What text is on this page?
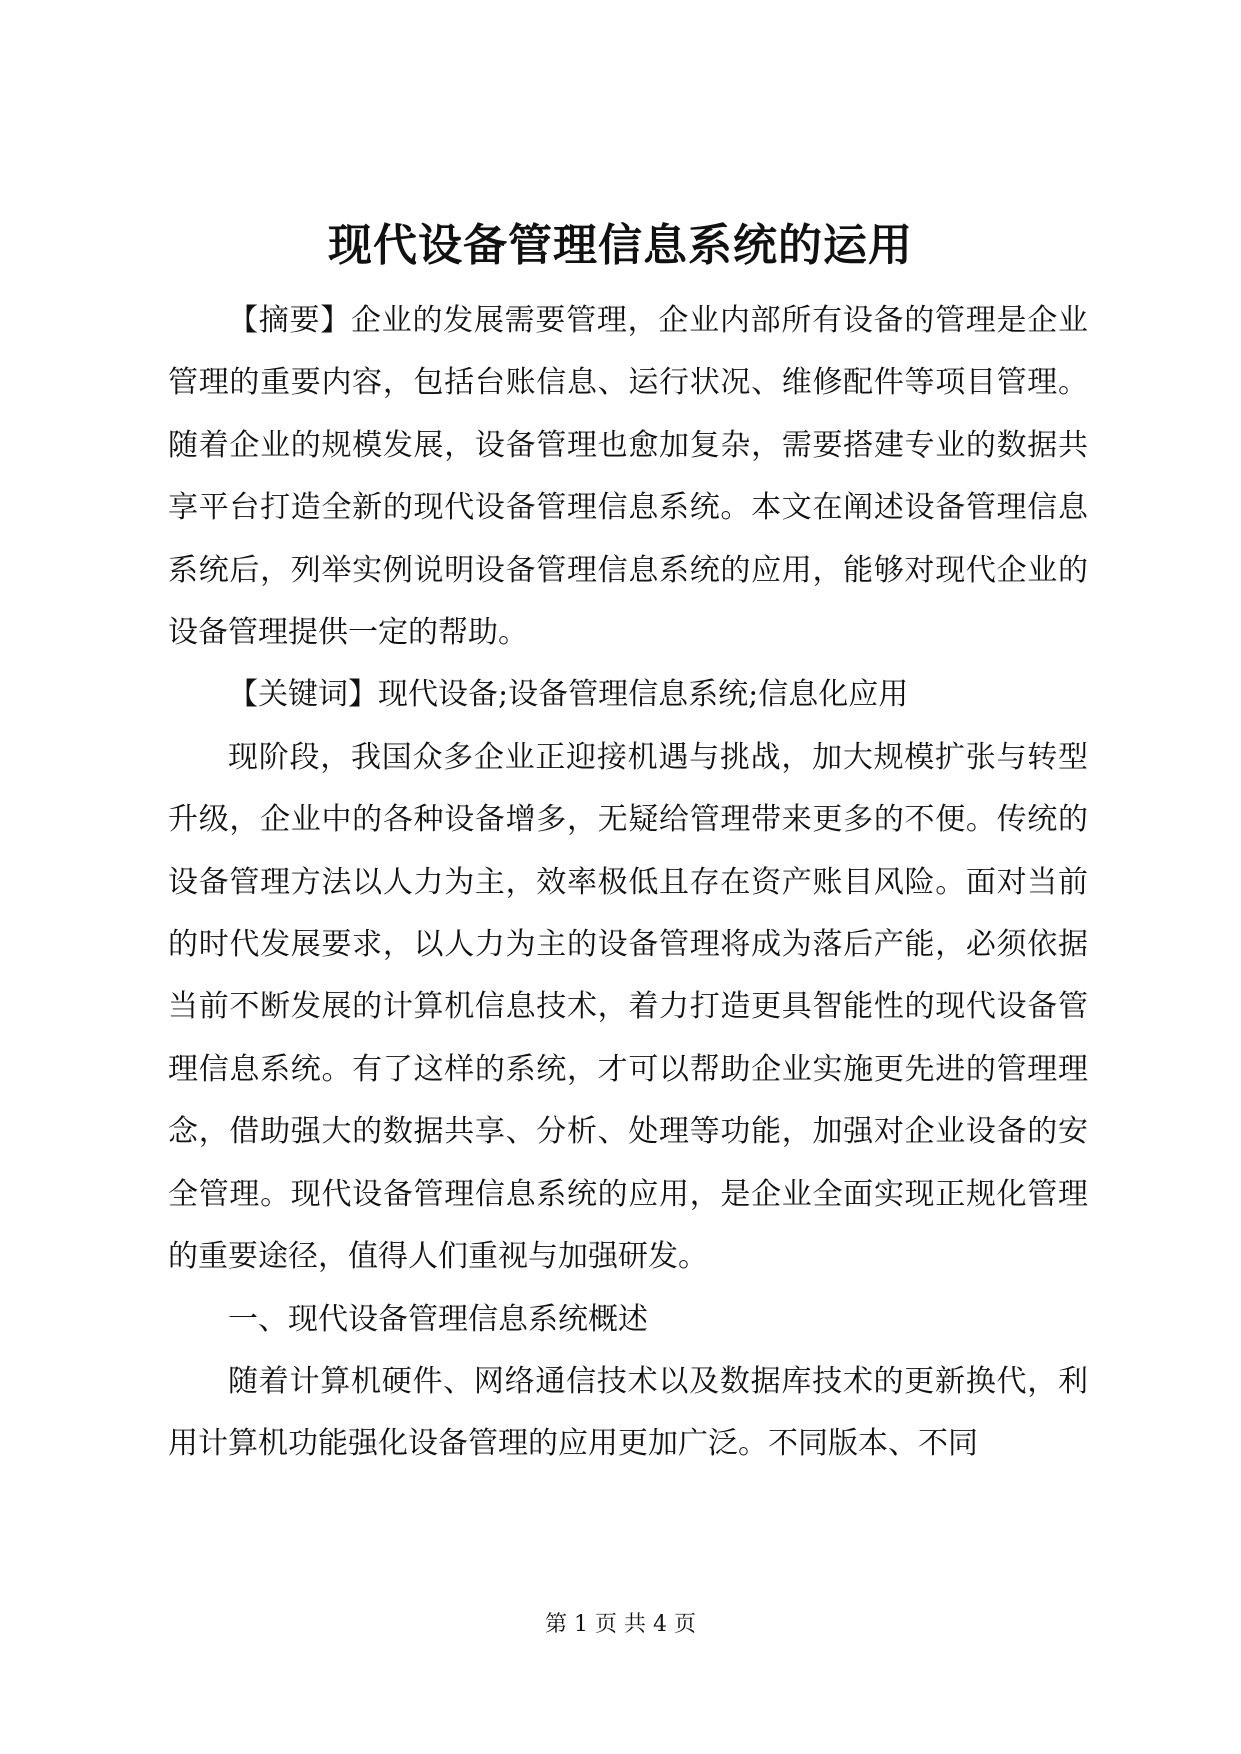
现代设备管理信息系统的运用

【摘要】企业的发展需要管理，企业内部所有设备的管理是企业管理的重要内容，包括台账信息、运行状况、维修配件等项目管理。随着企业的规模发展，设备管理也愈加复杂，需要搭建专业的数据共享平台打造全新的现代设备管理信息系统。本文在阐述设备管理信息系统后，列举实例说明设备管理信息系统的应用，能够对现代企业的设备管理提供一定的帮助。

【关键词】现代设备;设备管理信息系统;信息化应用

现阶段，我国众多企业正迎接机遇与挑战，加大规模扩张与转型升级，企业中的各种设备增多，无疑给管理带来更多的不便。传统的设备管理方法以人力为主，效率极低且存在资产账目风险。面对当前的时代发展要求，以人力为主的设备管理将成为落后产能，必须依据当前不断发展的计算机信息技术，着力打造更具智能性的现代设备管理信息系统。有了这样的系统，才可以帮助企业实施更先进的管理理念，借助强大的数据共享、分析、处理等功能，加强对企业设备的安全管理。现代设备管理信息系统的应用，是企业全面实现正规化管理的重要途径，值得人们重视与加强研发。

一、现代设备管理信息系统概述

随着计算机硬件、网络通信技术以及数据库技术的更新换代，利用计算机功能强化设备管理的应用更加广泛。不同版本、不同

第 1 页 共 4 页
